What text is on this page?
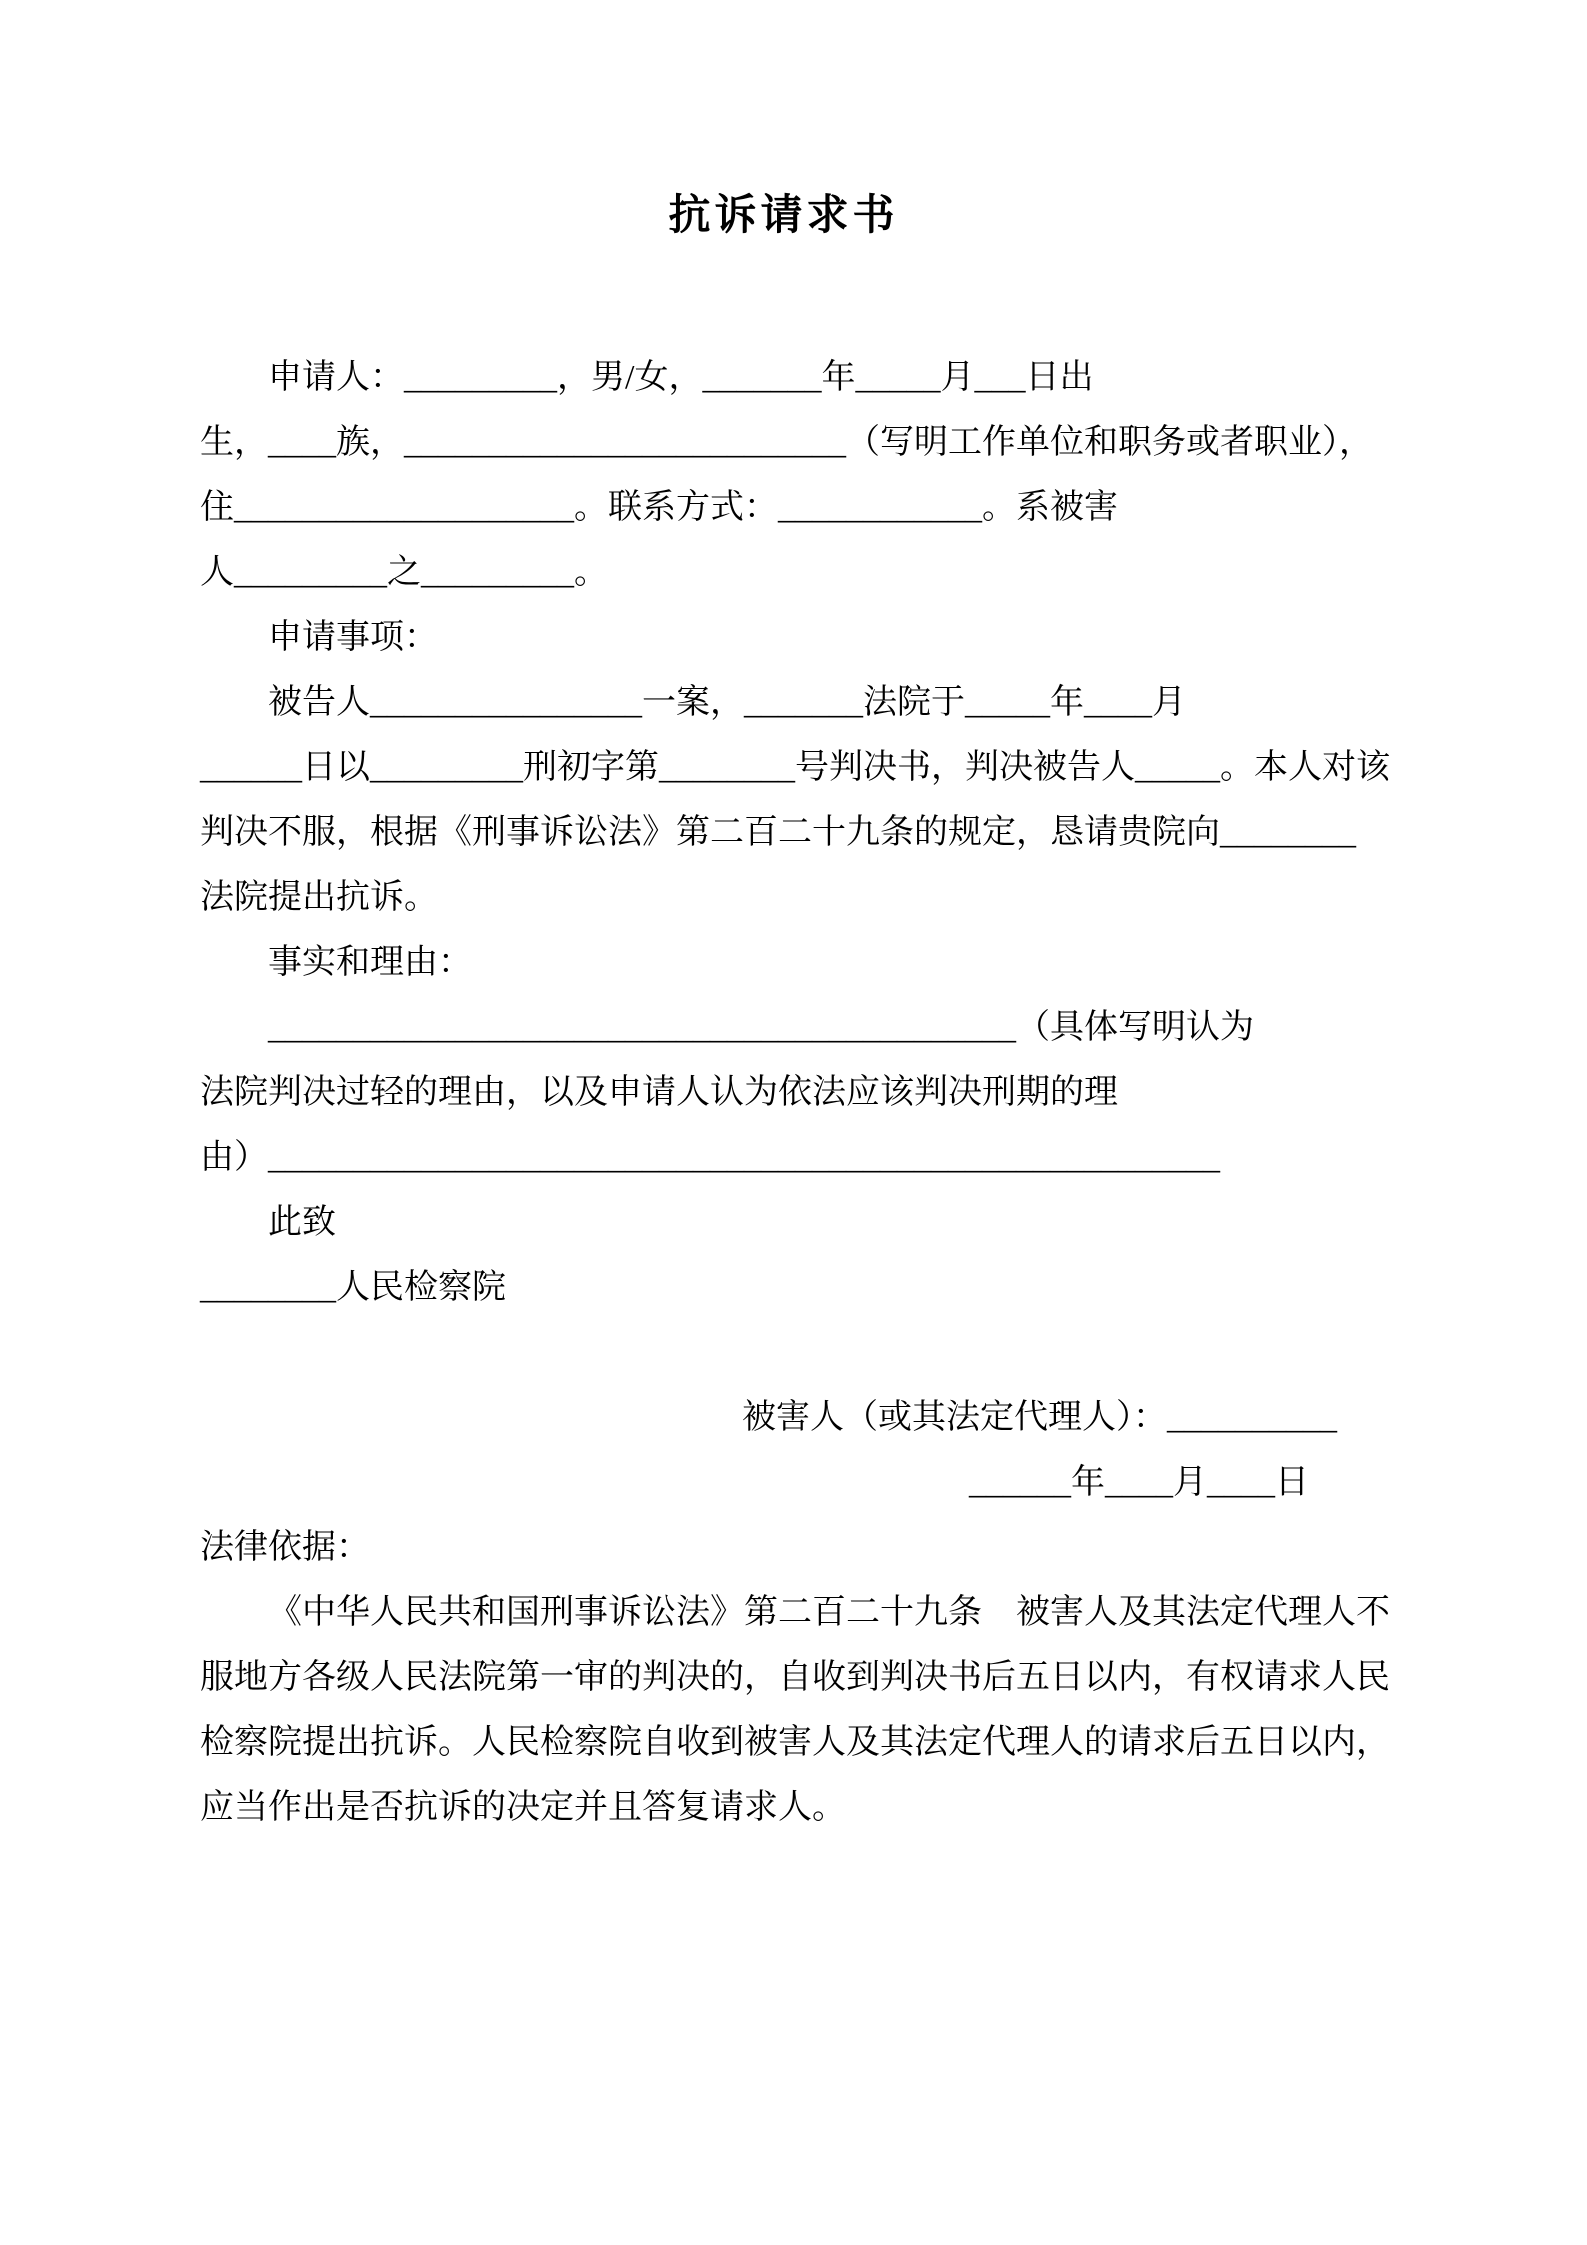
抗诉请求书
申请人：_________，男/女，_______年_____月___日出
生，____族，__________________________（写明工作单位和职务或者职业），
住____________________。联系方式：____________。系被害
人_________之_________。
申请事项：
被告人________________一案，_______法院于_____年____月
______日以_________刑初字第________号判决书，判决被告人_____。本人对该
判决不服，根据《刑事诉讼法》第二百二十九条的规定，恳请贵院向________
法院提出抗诉。
事实和理由：
____________________________________________（具体写明认为
法院判决过轻的理由，以及申请人认为依法应该判决刑期的理
由）________________________________________________________
此致
________人民检察院
被害人（或其法定代理人）：__________
______年____月____日
法律依据：
《中华人民共和国刑事诉讼法》第二百二十九条　被害人及其法定代理人不
服地方各级人民法院第一审的判决的，自收到判决书后五日以内，有权请求人民
检察院提出抗诉。人民检察院自收到被害人及其法定代理人的请求后五日以内，
应当作出是否抗诉的决定并且答复请求人。
